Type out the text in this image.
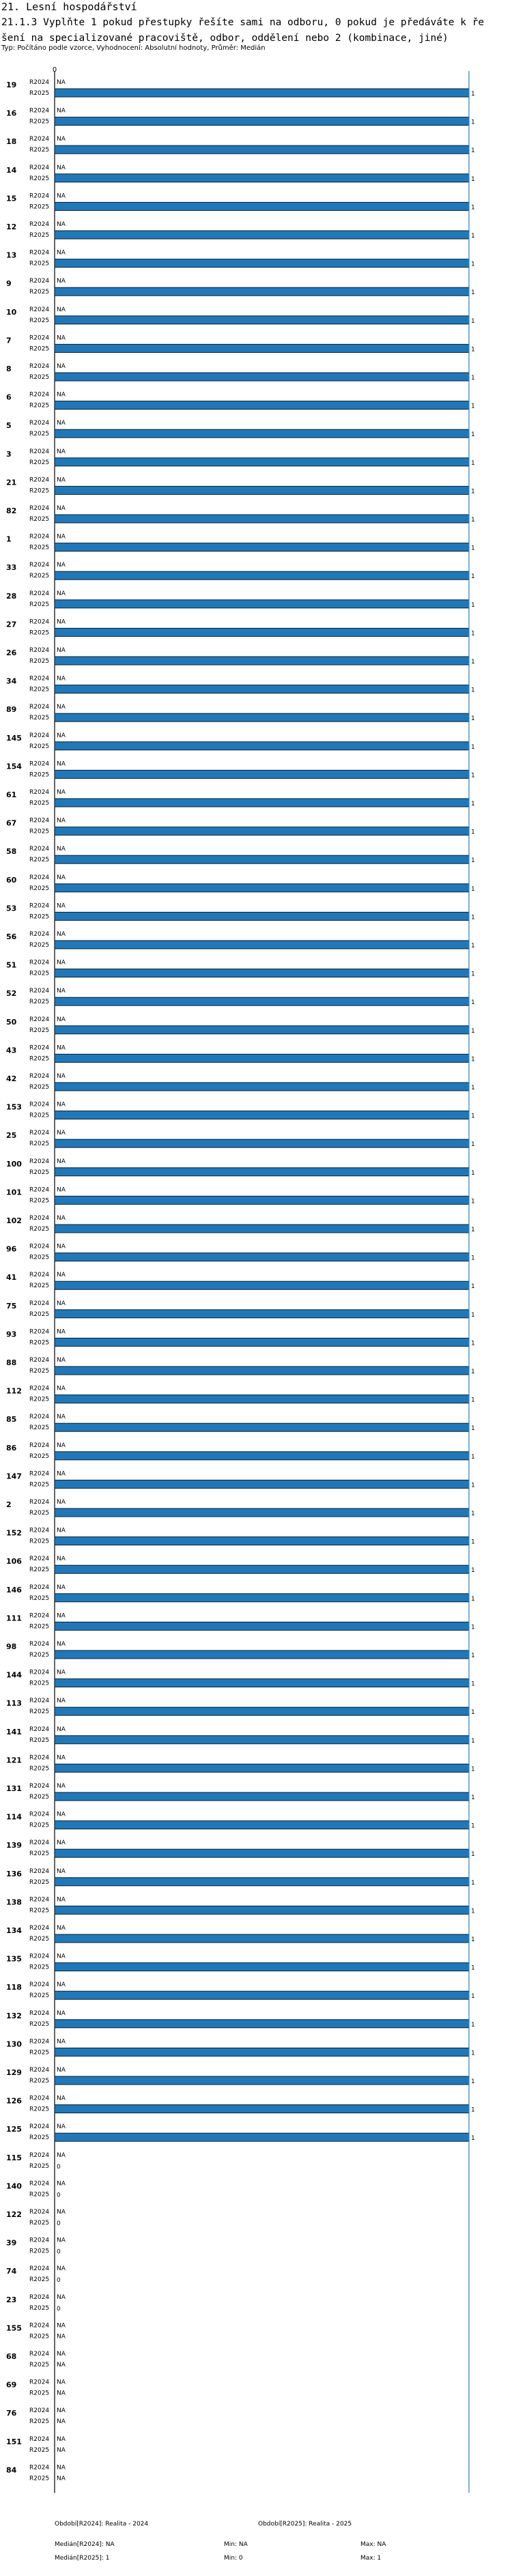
21. Lesní hospodářství
21.1.3 Vyplňte 1 pokud přestupky řešíte sami na odboru, 0 pokud je předáváte k ře
šení na specializované pracoviště, odbor, oddělení nebo 2 (kombinace, jiné)
Typ: Počítáno podle vzorce, Vyhodnocení: Absolutní hodnoty, Průměr: Medián
0
19 R2024
R2025
NA
1
16 R2024
R2025
NA
1
18 R2024
R2025
NA
1
14 R2024
R2025
NA
1
15 R2024
R2025
NA
1
12 R2024
R2025
NA
1
13 R2024
R2025
NA
1
9	R2024
R2025
NA
1
10 R2024
R2025
NA
1
7	R2024
R2025
NA
1
8	R2024
R2025
NA
1
6	R2024
R2025
NA
1
5	R2024
R2025
NA
1
3	R2024
R2025
NA
1
21 R2024
R2025
NA
1
82 R2024
R2025
NA
1
1	R2024
R2025
NA
1
33 R2024
R2025
NA
1
28 R2024
R2025
NA
1
27 R2024
R2025
NA
1
26 R2024
R2025
NA
1
34 R2024
R2025
NA
1
89 R2024
R2025
NA
1
145 R2024
R2025
NA
1
154 R2024
R2025
NA
1
61 R2024
R2025
NA
1
67 R2024
R2025
NA
1
58 R2024
R2025
NA
1
60 R2024
R2025
NA
1
53 R2024
R2025
NA
1
56 R2024
R2025
NA
1
51 R2024
R2025
NA
1
52 R2024
R2025
NA
1
50 R2024
R2025
NA
1
43 R2024
R2025
NA
1
42 R2024
R2025
NA
1
153 R2024
R2025
NA
1
25 R2024
R2025
NA
1
100 R2024
R2025
NA
1
101 R2024
R2025
NA
1
102 R2024
R2025
NA
1
96 R2024
R2025
NA
1
41 R2024
R2025
NA
1
75 R2024
R2025
NA
1
93 R2024
R2025
NA
1
88 R2024
R2025
NA
1
112 R2024
R2025
NA
1
85 R2024
R2025
NA
1
86 R2024
R2025
NA
1
147 R2024
R2025
NA
1
2	R2024
R2025
NA
1
152 R2024
R2025
NA
1
106 R2024
R2025
NA
1
146 R2024
R2025
NA
1
111 R2024
R2025
NA
1
98 R2024
R2025
NA
1
144 R2024
R2025
NA
1
113 R2024
R2025
NA
1
141 R2024
R2025
NA
1
121 R2024
R2025
NA
1
131 R2024
R2025
NA
1
114 R2024
R2025
NA
1
139 R2024
R2025
NA
1
136 R2024
R2025
NA
1
138 R2024
R2025
NA
1
134 R2024
R2025
NA
1
135 R2024
R2025
NA
1
118 R2024
R2025
NA
1
132 R2024
R2025
NA
1
130 R2024
R2025
NA
1
129 R2024
R2025
NA
1
126 R2024
R2025
NA
1
125 R2024
R2025
NA
1
115 R2024
R2025
NA
0
140 R2024
R2025
NA
0
122 R2024
R2025
NA
0
39 R2024
R2025
NA
0
74 R2024
R2025
NA
0
23 R2024
R2025
NA
0
155 R2024
R2025
NA
NA
68 R2024
R2025
NA
NA
69 R2024
R2025
NA
NA
76 R2024
R2025
NA
NA
151 R2024
R2025
NA
NA
84 R2024
R2025
NA
NA
Období[R2024]: Realita - 2024	Období[R2025]: Realita - 2025
Medián[R2024]: NA	Min: NA	Max: NA
Medián[R2025]: 1	Min: 0	Max: 1
